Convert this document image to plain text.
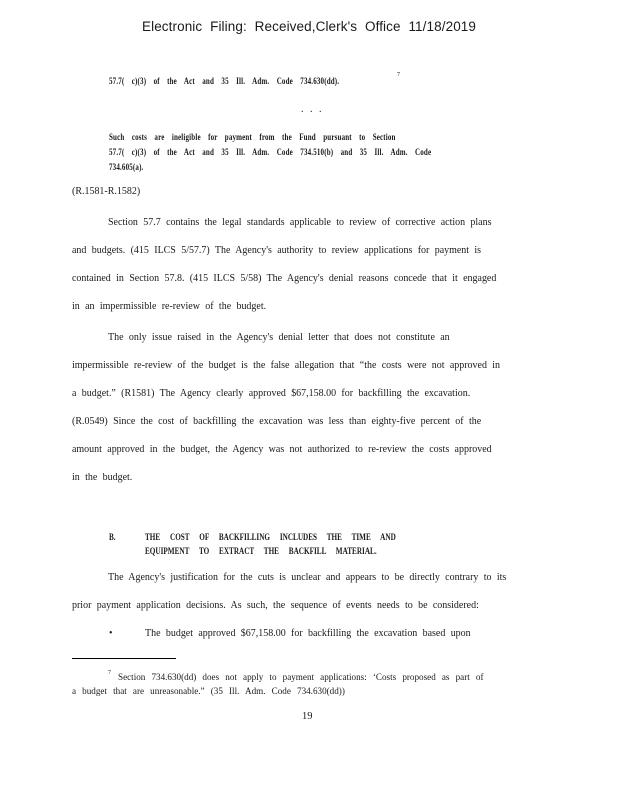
Electronic Filing: Received,Clerk's Office 11/18/2019
57.7( c)(3) of the Act and 35 Ill. Adm. Code 734.630(dd).
7
. . .
Such costs are ineligible for payment from the Fund pursuant to Section
57.7( c)(3) of the Act and 35 Ill. Adm. Code 734.510(b) and 35 Ill. Adm. Code
734.605(a).
(R.1581-R.1582)
Section 57.7 contains the legal standards applicable to review of corrective action plans
and budgets. (415 ILCS 5/57.7) The Agency's authority to review applications for payment is
contained in Section 57.8. (415 ILCS 5/58) The Agency's denial reasons concede that it engaged
in an impermissible re-review of the budget.
The only issue raised in the Agency's denial letter that does not constitute an
impermissible re-review of the budget is the false allegation that “the costs were not approved in
a budget.” (R1581) The Agency clearly approved $67,158.00 for backfilling the excavation.
(R.0549) Since the cost of backfilling the excavation was less than eighty-five percent of the
amount approved in the budget, the Agency was not authorized to re-review the costs approved
in the budget.
B.	THE COST OF BACKFILLING INCLUDES THE TIME AND
EQUIPMENT TO EXTRACT THE BACKFILL MATERIAL.
The Agency's justification for the cuts is unclear and appears to be directly contrary to its
prior payment application decisions. As such, the sequence of events needs to be considered:
•	The budget approved $67,158.00 for backfilling the excavation based upon
7 Section 734.630(dd) does not apply to payment applications: ‘Costs proposed as part of
a budget that are unreasonable.” (35 Ill. Adm. Code 734.630(dd))
19
